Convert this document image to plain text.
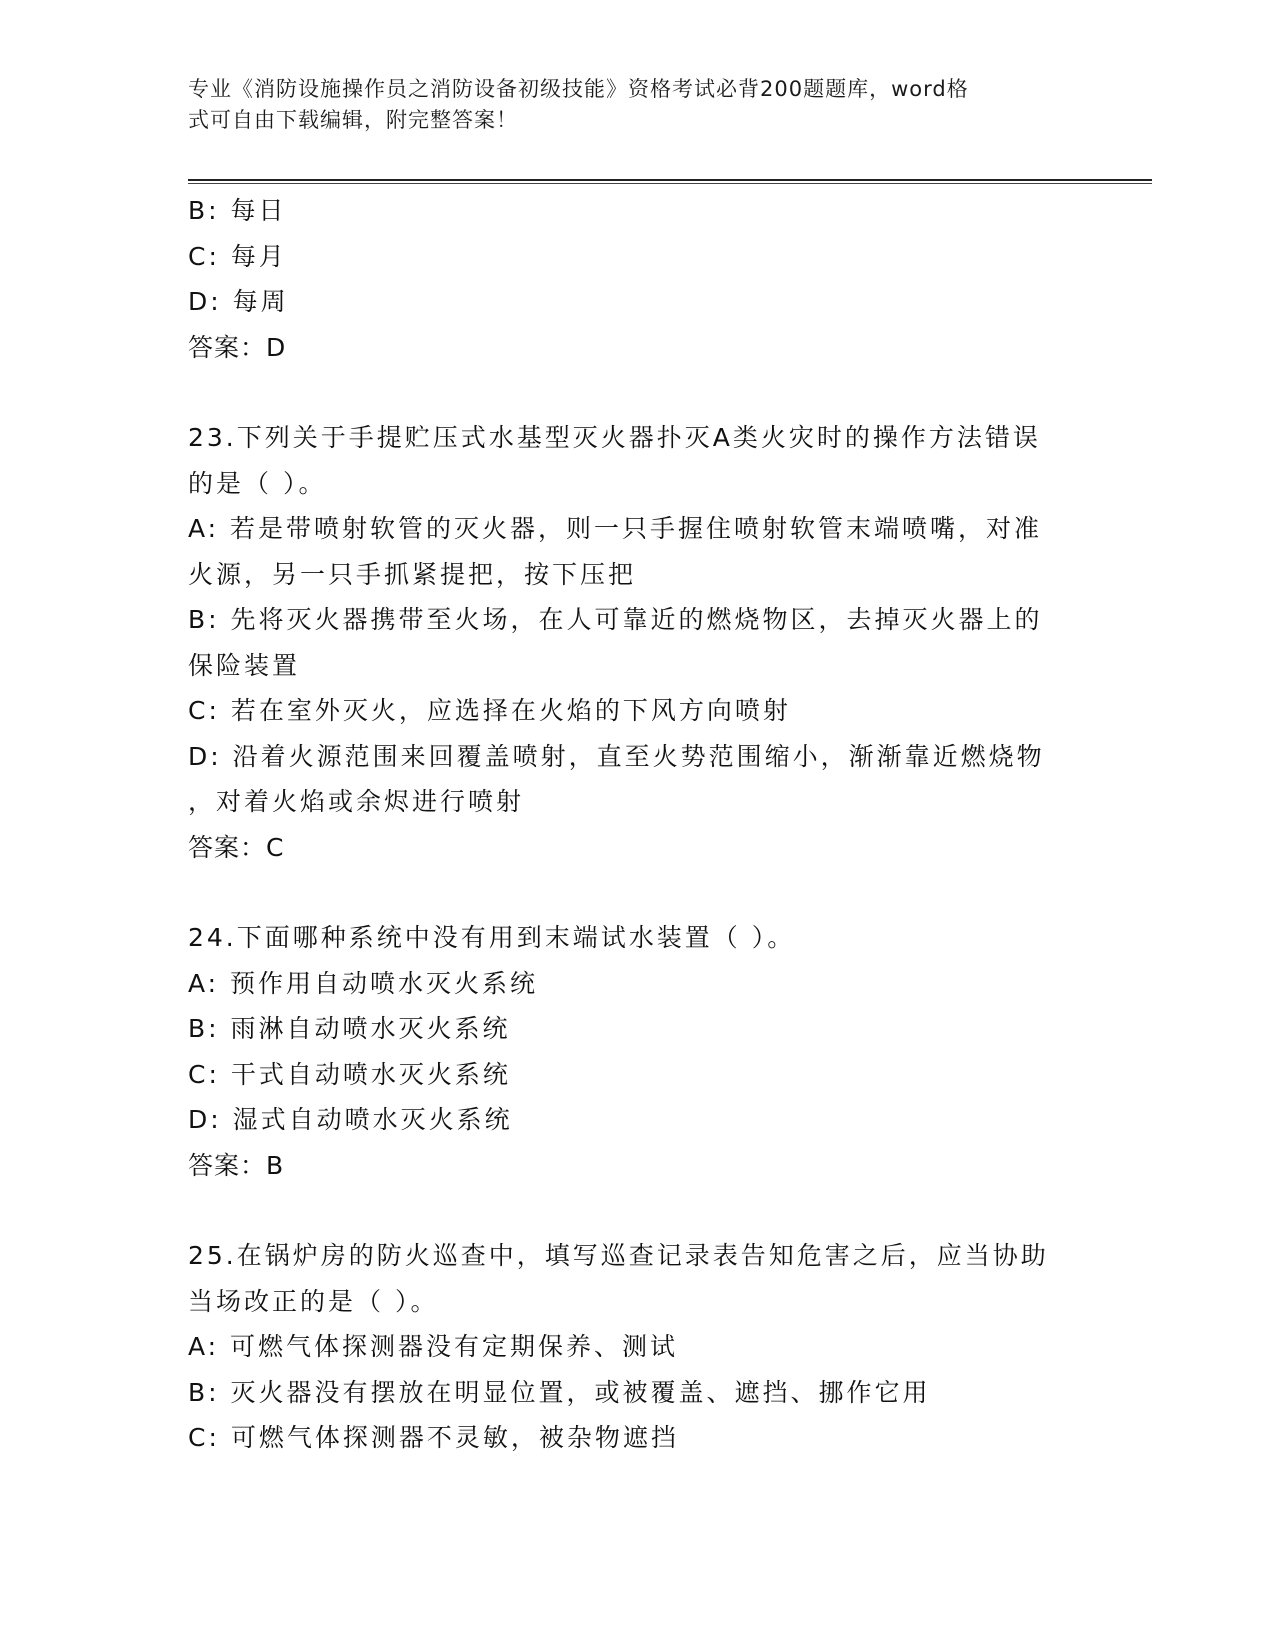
专业《消防设施操作员之消防设备初级技能》资格考试必背200题题库，word格
式可自由下载编辑，附完整答案！
B: 每日
C: 每月
D: 每周
答案：D
23.下列关于手提贮压式水基型灭火器扑灭A类火灾时的操作方法错误
的是（ ）。
A: 若是带喷射软管的灭火器，则一只手握住喷射软管末端喷嘴，对准
火源，另一只手抓紧提把，按下压把
B: 先将灭火器携带至火场，在人可靠近的燃烧物区，去掉灭火器上的
保险装置
C: 若在室外灭火，应选择在火焰的下风方向喷射
D: 沿着火源范围来回覆盖喷射，直至火势范围缩小，渐渐靠近燃烧物
，对着火焰或余烬进行喷射
答案：C
24.下面哪种系统中没有用到末端试水装置（ ）。
A: 预作用自动喷水灭火系统
B: 雨淋自动喷水灭火系统
C: 干式自动喷水灭火系统
D: 湿式自动喷水灭火系统
答案：B
25.在锅炉房的防火巡查中，填写巡查记录表告知危害之后，应当协助
当场改正的是（ ）。
A: 可燃气体探测器没有定期保养、测试
B: 灭火器没有摆放在明显位置，或被覆盖、遮挡、挪作它用
C: 可燃气体探测器不灵敏，被杂物遮挡
